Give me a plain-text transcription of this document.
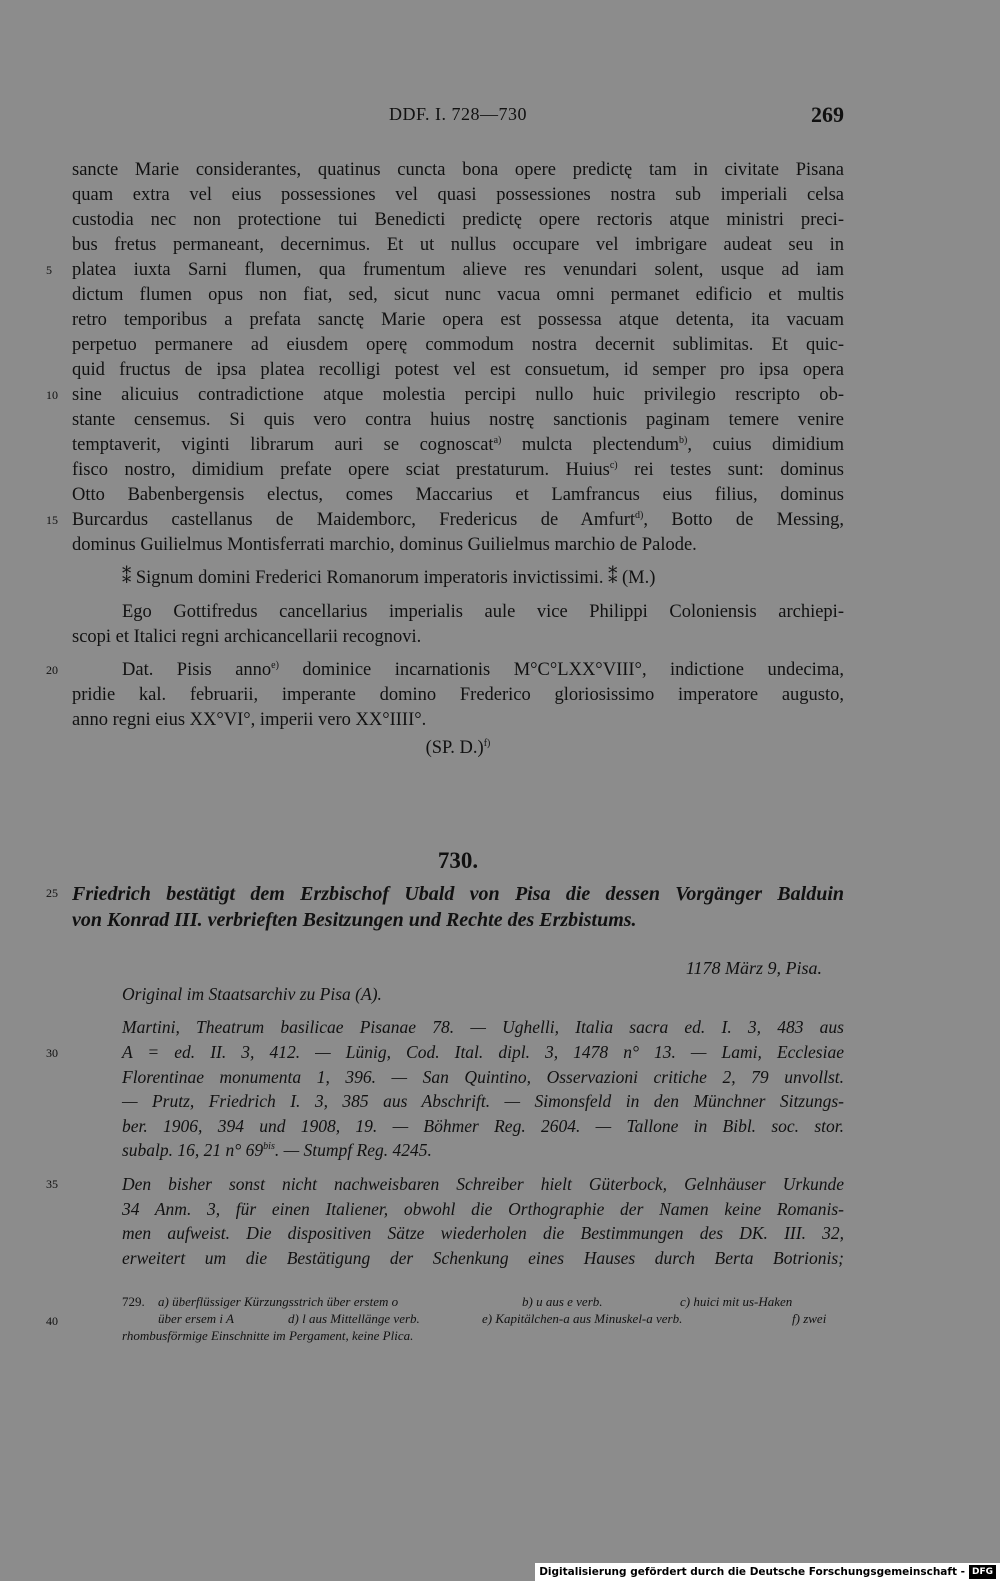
DDF. I. 728—730	269
sancte Marie considerantes, quatinus cuncta bona opere predictę tam in civitate Pisana
quam extra vel eius possessiones vel quasi possessiones nostra sub imperiali celsa
custodia nec non protectione tui Benedicti predictę opere rectoris atque ministri preci-
bus fretus permaneant, decernimus. Et ut nullus occupare vel imbrigare audeat seu in
platea iuxta Sarni flumen, qua frumentum alieve res venundari solent, usque ad iam
dictum flumen opus non fiat, sed, sicut nunc vacua omni permanet edificio et multis
retro temporibus a prefata sanctę Marie opera est possessa atque detenta, ita vacuam
perpetuo permanere ad eiusdem operę commodum nostra decernit sublimitas. Et quic-
quid fructus de ipsa platea recolligi potest vel est consuetum, id semper pro ipsa opera
sine alicuius contradictione atque molestia percipi nullo huic privilegio rescripto ob-
stante censemus. Si quis vero contra huius nostrę sanctionis paginam temere venire
temptaverit, viginti librarum auri se cognoscat$^{a)}$ mulcta plectendum$^{b)}$, cuius dimidium
fisco nostro, dimidium prefate opere sciat prestaturum. Huius$^{c)}$ rei testes sunt: dominus
Otto Babenbergensis electus, comes Maccarius et Lamfrancus eius filius, dominus
Burcardus castellanus de Maidemborc, Fredericus de Amfurt$^{d)}$, Botto de Messing,
dominus Guilielmus Montisferrati marchio, dominus Guilielmus marchio de Palode.
⁑ Signum domini Frederici Romanorum imperatoris invictissimi. ⁑ (M.)
Ego Gottifredus cancellarius imperialis aule vice Philippi Coloniensis archiepi-
scopi et Italici regni archicancellarii recognovi.
Dat. Pisis anno$^{e)}$ dominice incarnationis M°C°LXX°VIII°, indictione undecima,
pridie kal. februarii, imperante domino Frederico gloriosissimo imperatore augusto,
anno regni eius XX°VI°, imperii vero XX°IIII°.
(SP. D.)$^{f)}$
5
10
15
20
25
30
35
40
730.
Friedrich bestätigt dem Erzbischof Ubald von Pisa die dessen Vorgänger Balduin
von Konrad III. verbrieften Besitzungen und Rechte des Erzbistums.
1178 März 9, Pisa.
Original im Staatsarchiv zu Pisa (A).
Martini, Theatrum basilicae Pisanae 78. — Ughelli, Italia sacra ed. I. 3, 483 aus
A = ed. II. 3, 412. — Lünig, Cod. Ital. dipl. 3, 1478 n° 13. — Lami, Ecclesiae
Florentinae monumenta 1, 396. — San Quintino, Osservazioni critiche 2, 79 unvollst.
— Prutz, Friedrich I. 3, 385 aus Abschrift. — Simonsfeld in den Münchner Sitzungs-
ber. 1906, 394 und 1908, 19. — Böhmer Reg. 2604. — Tallone in Bibl. soc. stor.
subalp. 16, 21 n° $69^{bis}$. — Stumpf Reg. 4245.
Den bisher sonst nicht nachweisbaren Schreiber hielt Güterbock, Gelnhäuser Urkunde
34 Anm. 3, für einen Italiener, obwohl die Orthographie der Namen keine Romanis-
men aufweist. Die dispositiven Sätze wiederholen die Bestimmungen des DK. III. 32,
erweitert um die Bestätigung der Schenkung eines Hauses durch Berta Botrionis;
729. a) überflüssiger Kürzungsstrich über erstem o	b) u aus e verb.	c) huici mit us-Haken
über ersem i A	d) l aus Mittellänge verb.	e) Kapitälchen-a aus Minuskel-a verb.	f) zwei
rhombusförmige Einschnitte im Pergament, keine Plica.
Digitalisierung gefördert durch die Deutsche Forschungsgemeinschaft - DFG
